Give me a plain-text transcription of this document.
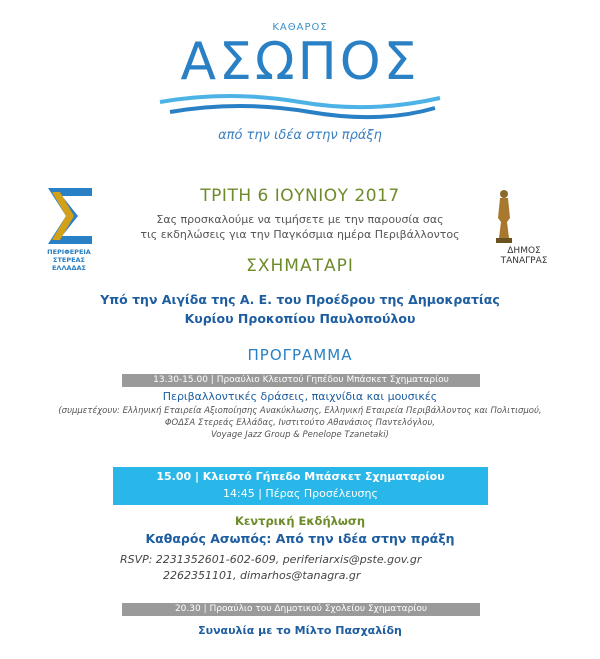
ΚΑΘΑΡΟΣ
ΑΣΩΠΟΣ
από την ιδέα στην πράξη
ΠΕΡΙΦΕΡΕΙΑ
ΣΤΕΡΕΑΣ
ΕΛΛΑΔΑΣ
ΔΗΜΟΣ
ΤΑΝΑΓΡΑΣ
ΤΡΙΤΗ 6 ΙΟΥΝΙΟΥ 2017
Σας προσκαλούμε να τιμήσετε με την παρουσία σας
τις εκδηλώσεις για την Παγκόσμια ημέρα Περιβάλλοντος
ΣΧΗΜΑΤΑΡΙ
Υπό την Αιγίδα της Α. Ε. του Προέδρου της Δημοκρατίας
Κυρίου Προκοπίου Παυλοπούλου
ΠΡΟΓΡΑΜΜΑ
13.30-15.00 | Προαύλιο Κλειστού Γηπέδου Μπάσκετ Σχηματαρίου
Περιβαλλοντικές δράσεις, παιχνίδια και μουσικές
(συμμετέχουν: Ελληνική Εταιρεία Αξιοποίησης Ανακύκλωσης, Ελληνική Εταιρεία Περιβάλλοντος και Πολιτισμού,
ΦΟΔΣΑ Στερεάς Ελλάδας, Ινστιτούτο Αθανάσιος Παντελόγλου,
Voyage Jazz Group & Penelope Tzanetaki)
15.00 | Κλειστό Γήπεδο Μπάσκετ Σχηματαρίου
14:45 | Πέρας Προσέλευσης
Κεντρική Εκδήλωση
Καθαρός Ασωπός: Από την ιδέα στην πράξη
RSVP: 2231352601-602-609, periferiarxis@pste.gov.gr
2262351101, dimarhos@tanagra.gr
20.30 | Προαύλιο του Δημοτικού Σχολείου Σχηματαρίου
Συναυλία με το Μίλτο Πασχαλίδη
